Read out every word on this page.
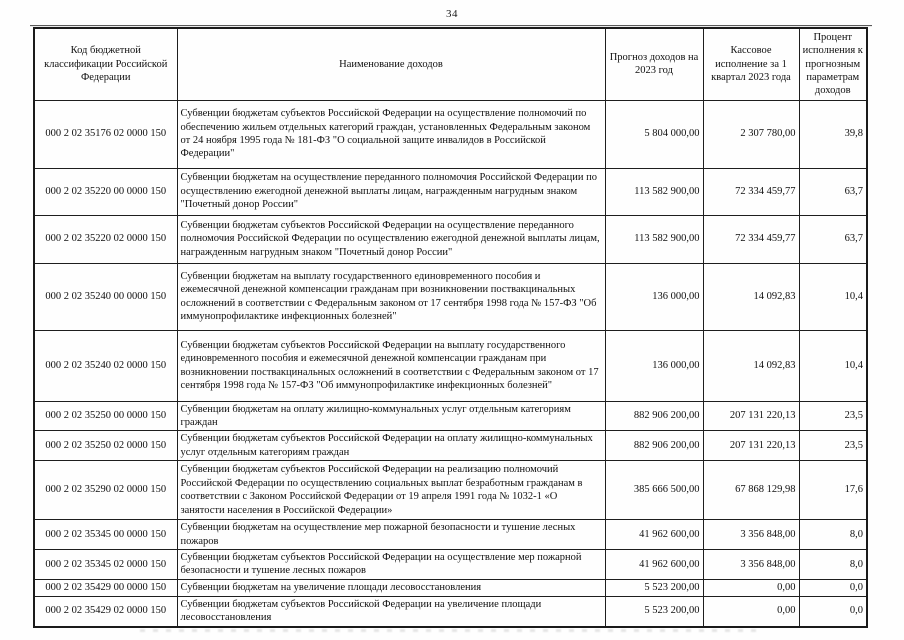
34
Код бюджетной классификации Российской Федерации	Наименование доходов	Прогноз доходов на 2023 год	Кассовое исполнение за 1 квартал 2023 года	Процент исполнения к прогнозным параметрам доходов
000 2 02 35176 02 0000 150	Субвенции бюджетам субъектов Российской Федерации на осуществление полномочий по обеспечению жильем отдельных категорий граждан, установленных Федеральным законом от 24 ноября 1995 года № 181-ФЗ "О социальной защите инвалидов в Российской Федерации"	5 804 000,00	2 307 780,00	39,8
000 2 02 35220 00 0000 150	Субвенции бюджетам на осуществление переданного полномочия Российской Федерации по осуществлению ежегодной денежной выплаты лицам, награжденным нагрудным знаком "Почетный донор России"	113 582 900,00	72 334 459,77	63,7
000 2 02 35220 02 0000 150	Субвенции бюджетам субъектов Российской Федерации на осуществление переданного полномочия Российской Федерации по осуществлению ежегодной денежной выплаты лицам, награжденным нагрудным знаком "Почетный донор России"	113 582 900,00	72 334 459,77	63,7
000 2 02 35240 00 0000 150	Субвенции бюджетам на выплату государственного единовременного пособия и ежемесячной денежной компенсации гражданам при возникновении поствакцинальных осложнений в соответствии с Федеральным законом от 17 сентября 1998 года № 157-ФЗ "Об иммунопрофилактике инфекционных болезней"	136 000,00	14 092,83	10,4
000 2 02 35240 02 0000 150	Субвенции бюджетам субъектов Российской Федерации на выплату государственного единовременного пособия и ежемесячной денежной компенсации гражданам при возникновении поствакцинальных осложнений в соответствии с Федеральным законом от 17 сентября 1998 года № 157-ФЗ "Об иммунопрофилактике инфекционных болезней"	136 000,00	14 092,83	10,4
000 2 02 35250 00 0000 150	Субвенции бюджетам на оплату жилищно-коммунальных услуг отдельным категориям граждан	882 906 200,00	207 131 220,13	23,5
000 2 02 35250 02 0000 150	Субвенции бюджетам субъектов Российской Федерации на оплату жилищно-коммунальных услуг отдельным категориям граждан	882 906 200,00	207 131 220,13	23,5
000 2 02 35290 02 0000 150	Субвенции бюджетам субъектов Российской Федерации на реализацию полномочий Российской Федерации по осуществлению социальных выплат безработным гражданам в соответствии с Законом Российской Федерации от 19 апреля 1991 года № 1032-1 «О занятости населения в Российской Федерации»	385 666 500,00	67 868 129,98	17,6
000 2 02 35345 00 0000 150	Субвенции бюджетам на осуществление мер пожарной безопасности и тушение лесных пожаров	41 962 600,00	3 356 848,00	8,0
000 2 02 35345 02 0000 150	Субвенции бюджетам субъектов Российской Федерации на осуществление мер пожарной безопасности и тушение лесных пожаров	41 962 600,00	3 356 848,00	8,0
000 2 02 35429 00 0000 150	Субвенции бюджетам на увеличение площади лесовосстановления	5 523 200,00	0,00	0,0
000 2 02 35429 02 0000 150	Субвенции бюджетам субъектов Российской Федерации на увеличение площади лесовосстановления	5 523 200,00	0,00	0,0
